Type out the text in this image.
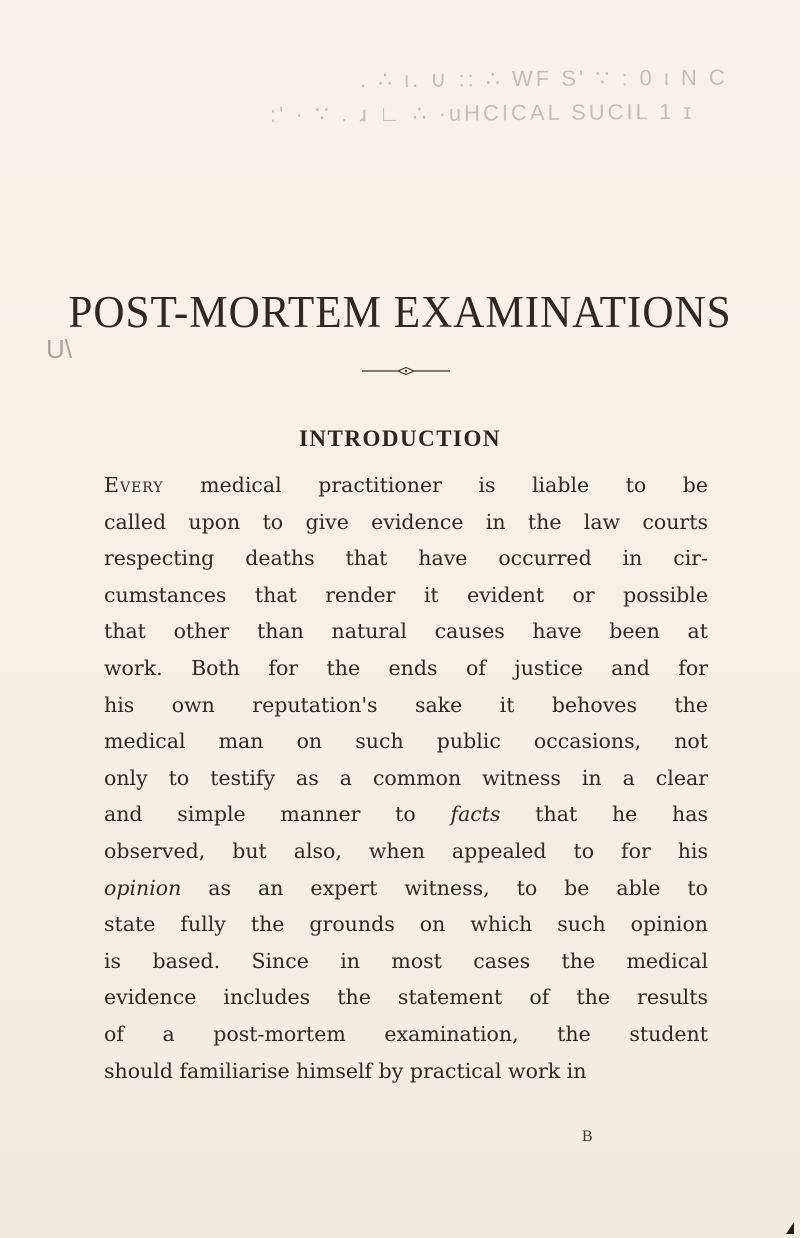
. ∴ ι. ∪ :: ∴ WF S' ∵ : 0 ι N C
:' · ∵ . ɹ ∟ ∴ ·uHCICAL SUCIL 1 ɪ
U\
POST-MORTEM EXAMINATIONS
INTRODUCTION
Every medical practitioner is liable to be
called upon to give evidence in the law courts
respecting deaths that have occurred in cir-
cumstances that render it evident or possible
that other than natural causes have been at
work. Both for the ends of justice and for
his own reputation's sake it behoves the
medical man on such public occasions, not
only to testify as a common witness in a clear
and simple manner to facts that he has
observed, but also, when appealed to for his
opinion as an expert witness, to be able to
state fully the grounds on which such opinion
is based. Since in most cases the medical
evidence includes the statement of the results
of a post-mortem examination, the student
should familiarise himself by practical work in
B
